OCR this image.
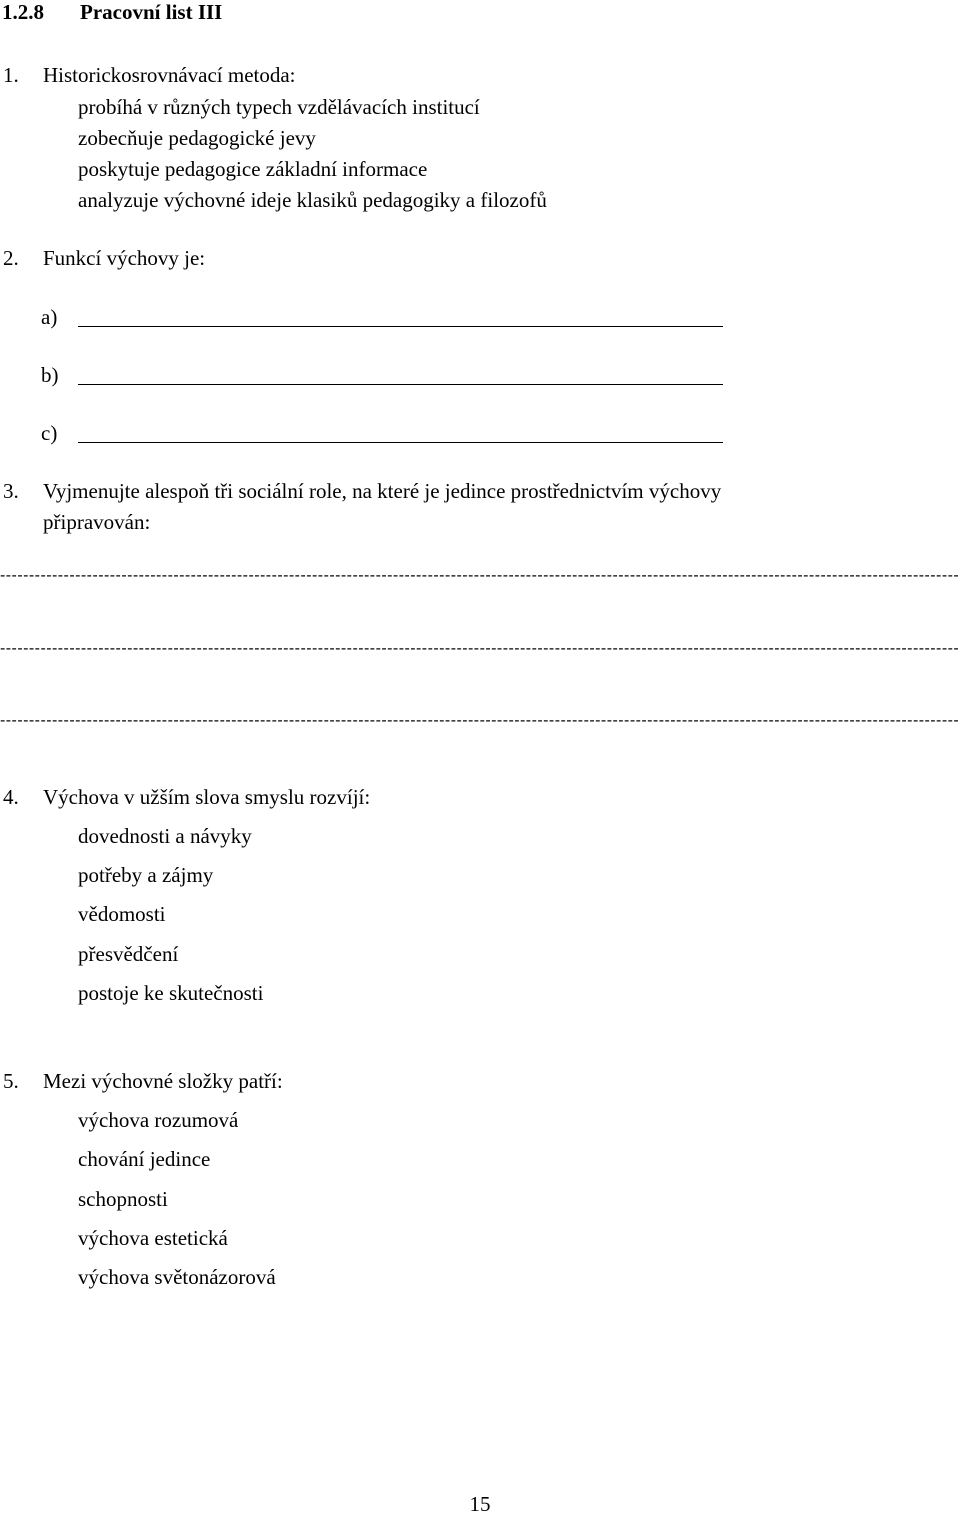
1.2.8 Pracovní list III
1. Historickosrovnávací metoda:
probíhá v různých typech vzdělávacích institucí
zobecňuje pedagogické jevy
poskytuje pedagogice základní informace
analyzuje výchovné ideje klasiků pedagogiky a filozofů
2. Funkcí výchovy je:
a)
b)
c)
3. Vyjmenujte alespoň tři sociální role, na které je jedince prostřednictvím výchovy
připravován:
----------------------------------------------------------------------------------------------------------------------------------------------------------------------
----------------------------------------------------------------------------------------------------------------------------------------------------------------------
----------------------------------------------------------------------------------------------------------------------------------------------------------------------
4. Výchova v užším slova smyslu rozvíjí:
dovednosti a návyky
potřeby a zájmy
vědomosti
přesvědčení
postoje ke skutečnosti
5. Mezi výchovné složky patří:
výchova rozumová
chování jedince
schopnosti
výchova estetická
výchova světonázorová
15
